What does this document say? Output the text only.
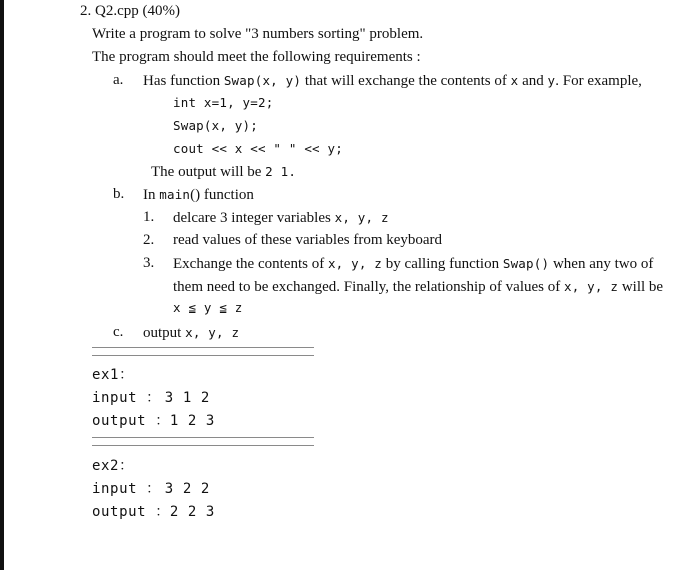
2. Q2.cpp (40%)
Write a program to solve "3 numbers sorting" problem.
The program should meet the following requirements :
a. Has function Swap(x, y) that will exchange the contents of x and y. For example,
int x=1, y=2;
Swap(x, y);
cout << x << " " << y;
The output will be 2 1.
b. In main() function
1. delcare 3 integer variables x, y, z
2. read values of these variables from keyboard
3. Exchange the contents of x, y, z by calling function Swap() when any two of
them need to be exchanged. Finally, the relationship of values of x, y, z will be
x ≦ y ≦ z
c. output x, y, z
ex1：
input ： 3 1 2
output ：1 2 3
ex2：
input ： 3 2 2
output ：2 2 3
